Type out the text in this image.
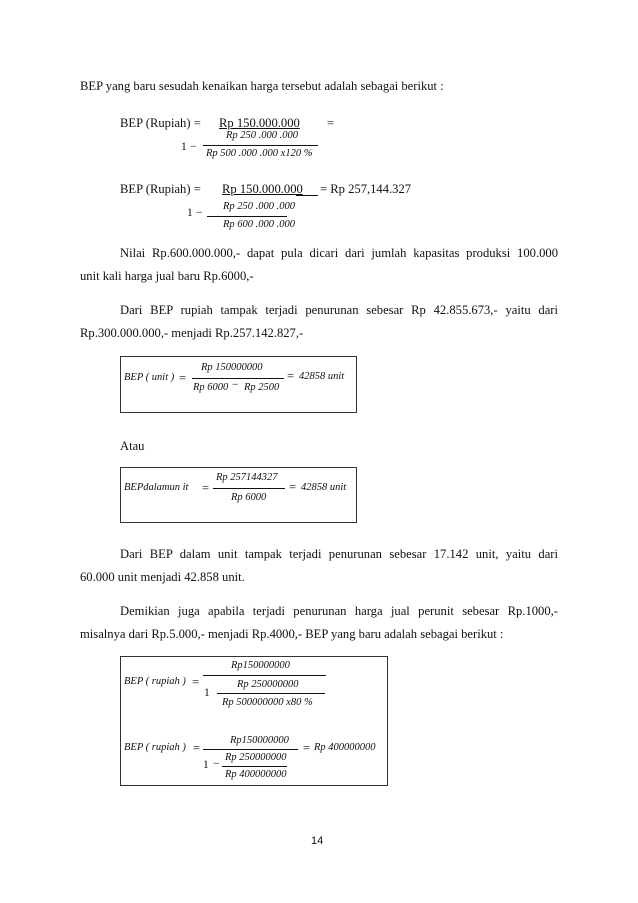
BEP yang baru sesudah kenaikan harga tersebut adalah sebagai berikut :
BEP (Rupiah) = Rp 150.000.000	=
1 −
Rp 250 .000 .000
Rp 500 .000 .000 x120 %
BEP (Rupiah) = Rp 150.000.000	= Rp 257,144.327
1 −
Rp 250 .000 .000
Rp 600 .000 .000
Nilai Rp.600.000.000,- dapat pula dicari dari jumlah kapasitas produksi 100.000
unit kali harga jual baru Rp.6000,-
Dari BEP rupiah tampak terjadi penurunan sebesar Rp 42.855.673,- yaitu dari
Rp.300.000.000,- menjadi Rp.257.142.827,-
BEP ( unit ) =
Rp 150000000
Rp 6000 − Rp 2500
= 42858 unit
Atau
BEPdalamun it =
Rp 257144327
Rp 6000
= 42858 unit
Dari BEP dalam unit tampak terjadi penurunan sebesar 17.142 unit, yaitu dari
60.000 unit menjadi 42.858 unit.
Demikian juga apabila terjadi penurunan harga jual perunit sebesar Rp.1000,-
misalnya dari Rp.5.000,- menjadi Rp.4000,- BEP yang baru adalah sebagai berikut :
BEP ( rupiah ) =
Rp150000000
1
Rp 250000000
Rp 500000000 x80 %
BEP ( rupiah ) =
Rp150000000
1 −
Rp 250000000
Rp 400000000
= Rp 400000000
14
